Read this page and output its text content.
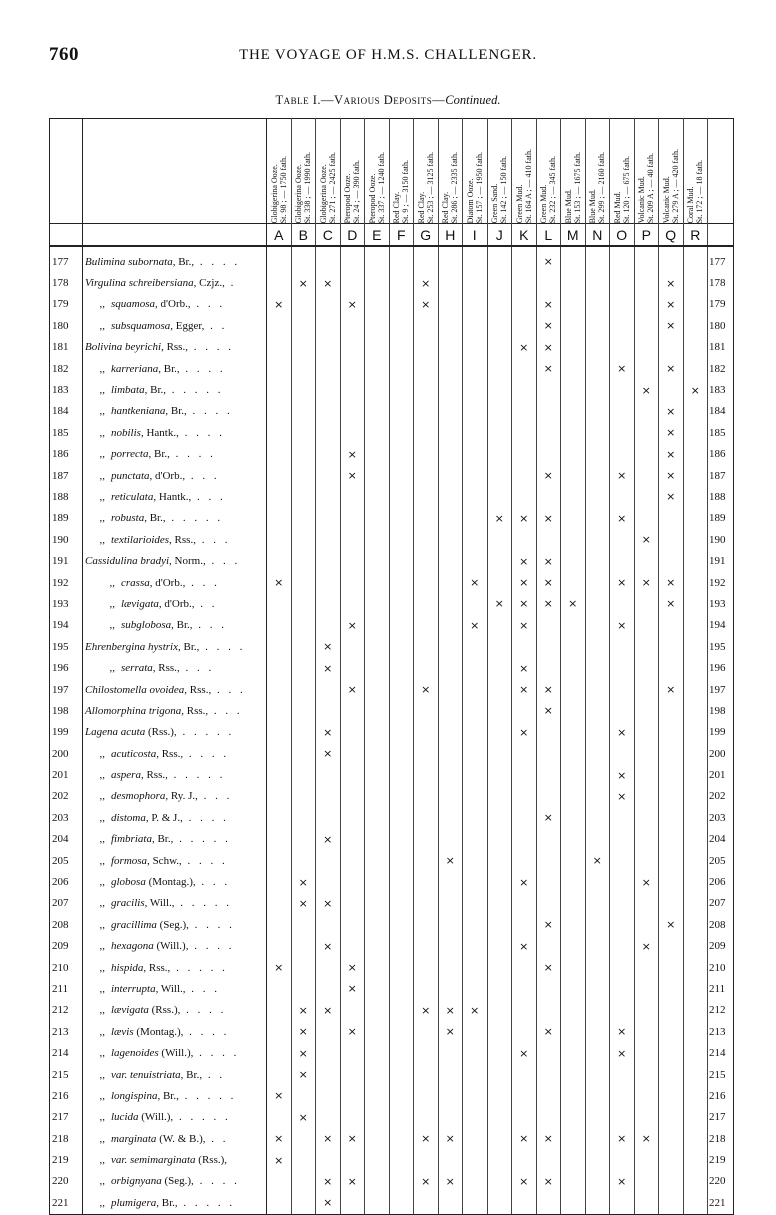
760	THE VOYAGE OF H.M.S. CHALLENGER.
Table I.—Various Deposits—Continued.

		Globigerina Ooze. St. 98 ; — 1750 fath.	Globigerina Ooze. St. 338 ; — 1990 fath.	Globigerina Ooze. St. 271 ; — 2425 fath.	Pteropod Ooze. St. 24 ; — 390 fath.	Pteropod Ooze. St. 337 ; — 1240 fath.	Red Clay. St. 9 ; — 3150 fath.	Red Clay. St. 253 ; — 3125 fath.	Red Clay. St. 286 ; — 2335 fath.	Diatom Ooze. St. 157 ; — 1950 fath.	Green Sand. St. 142 ; — 150 fath.	Green Mud. St. 164 A ; — 410 fath.	Green Mud. St. 232 ; — 345 fath.	Blue Mud. St. 153 ; — 1675 fath.	Blue Mud. St. 299 ; — 2160 fath.	Red Mud. St. 120 ; — 675 fath.	Volcanic Mud. St. 209 A ; — 40 fath.	Volcanic Mud. St. 279 A ; — 420 fath.	Coral Mud. St. 172 ; — 18 fath.	

		A	B	C	D	E	F	G	H	I	J	K	L	M	N	O	P	Q	R	
177	Bulimina subornata, Br., . . . .												×							177
178	Virgulina schreibersiana, Czjz., .		×	×				×										×		178
179	,, squamosa, d'Orb., . . .	×			×			×					×					×		179
180	,, subsquamosa, Egger, . .												×					×		180
181	Bolivina beyrichi, Rss., . . . .											×	×							181
182	,, karreriana, Br., . . . .												×			×		×		182
183	,, limbata, Br., . . . . .																×		×	183
184	,, hantkeniana, Br., . . . .																	×		184
185	,, nobilis, Hantk., . . . .																	×		185
186	,, porrecta, Br., . . . .				×													×		186
187	,, punctata, d'Orb., . . .				×								×			×		×		187
188	,, reticulata, Hantk., . . .																	×		188
189	,, robusta, Br., . . . . .										×	×	×			×				189
190	,, textilarioides, Rss., . . .																×			190
191	Cassidulina bradyi, Norm., . . .											×	×							191
192	,, crassa, d'Orb., . . .	×								×		×	×			×	×	×		192
193	,, lævigata, d'Orb., . .										×	×	×	×				×		193
194	,, subglobosa, Br., . . .				×					×		×				×				194
195	Ehrenbergina hystrix, Br., . . . .			×																195
196	,, serrata, Rss., . . .			×								×								196
197	Chilostomella ovoidea, Rss., . . .				×			×				×	×					×		197
198	Allomorphina trigona, Rss., . . .												×							198
199	Lagena acuta (Rss.), . . . . .			×								×				×				199
200	,, acuticosta, Rss., . . . .			×																200
201	,, aspera, Rss., . . . . .															×				201
202	,, desmophora, Ry. J., . . .															×				202
203	,, distoma, P. & J., . . . .												×							203
204	,, fimbriata, Br., . . . . .			×																204
205	,, formosa, Schw., . . . .								×						×					205
206	,, globosa (Montag.), . . .		×									×					×			206
207	,, gracilis, Will., . . . . .		×	×																207
208	,, gracillima (Seg.), . . . .												×					×		208
209	,, hexagona (Will.), . . . .			×								×					×			209
210	,, hispida, Rss., . . . . .	×			×								×							210
211	,, interrupta, Will., . . .				×															211
212	,, lævigata (Rss.), . . . .		×	×				×	×	×										212
213	,, lævis (Montag.), . . . .		×		×				×				×			×				213
214	,, lagenoides (Will.), . . . .		×									×				×				214
215	,, var. tenuistriata, Br., . .		×																	215
216	,, longispina, Br., . . . . .	×																		216
217	,, lucida (Will.), . . . . .		×																	217
218	,, marginata (W. & B.), . .	×		×	×			×	×			×	×			×	×			218
219	,, var. semimarginata (Rss.),	×																		219
220	,, orbignyana (Seg.), . . . .			×	×			×	×			×	×			×				220
221	,, plumigera, Br., . . . . .			×																221
